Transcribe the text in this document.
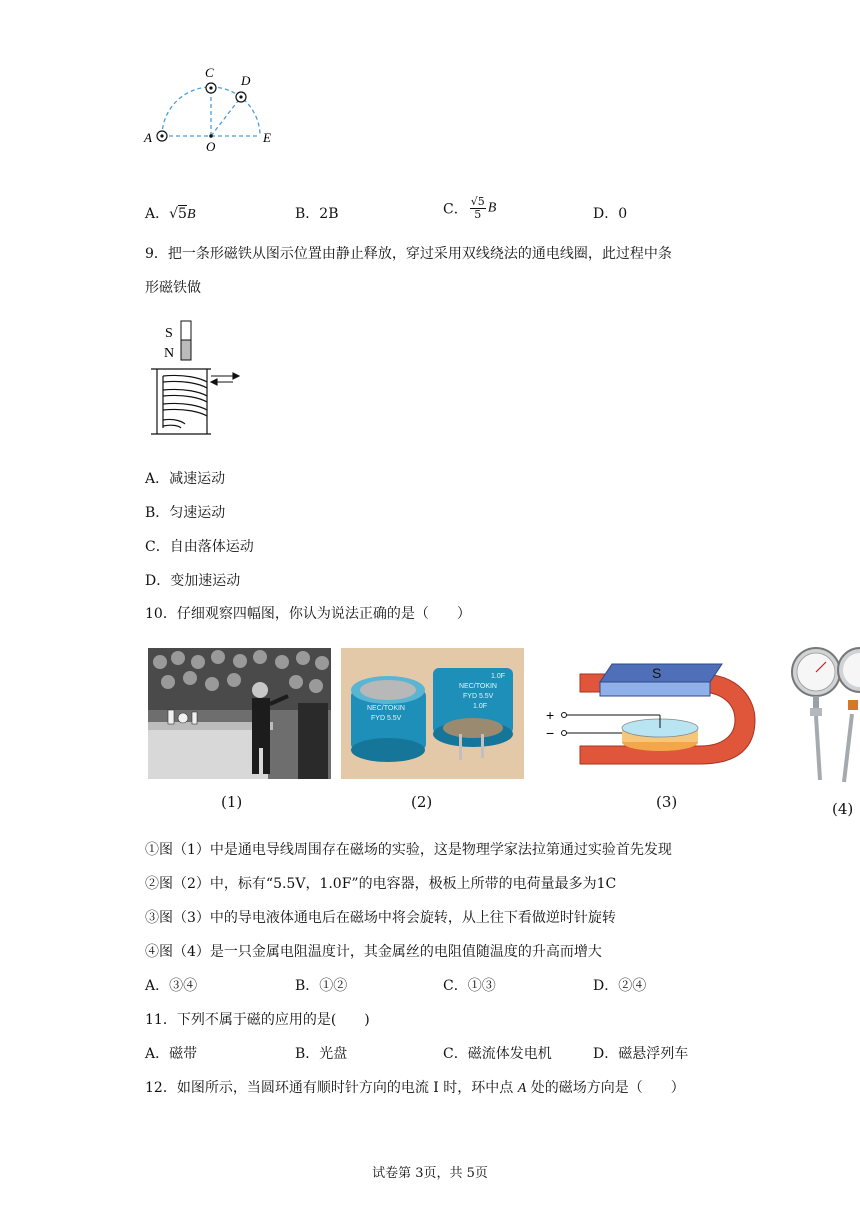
A
C
D
O
E
A．√5B	B．2B	C． $\frac{√5}{5}$ B	D．0
9．把一条形磁铁从图示位置由静止释放，穿过采用双线绕法的通电线圈，此过程中条
形磁铁做
S
N
A．减速运动
B．匀速运动
C．自由落体运动
D．变加速运动
10．仔细观察四幅图，你认为说法正确的是（　　）
1.0F
NEC/TOKIN
FYD 5.5V
1.0F
NEC/TOKIN
FYD 5.5V
S
+
−
(1)	(2)	(3)	(4)
①图（1）中是通电导线周围存在磁场的实验，这是物理学家法拉第通过实验首先发现
②图（2）中，标有“5.5V，1.0F”的电容器，极板上所带的电荷量最多为1C
③图（3）中的导电液体通电后在磁场中将会旋转，从上往下看做逆时针旋转
④图（4）是一只金属电阻温度计，其金属丝的电阻值随温度的升高而增大
A．③④	B．①②	C．①③	D．②④
11．下列不属于磁的应用的是(　　)
A．磁带	B．光盘	C．磁流体发电机	D．磁悬浮列车
12．如图所示，当圆环通有顺时针方向的电流 I 时，环中点 A 处的磁场方向是（　　）
试卷第 3页，共 5页
